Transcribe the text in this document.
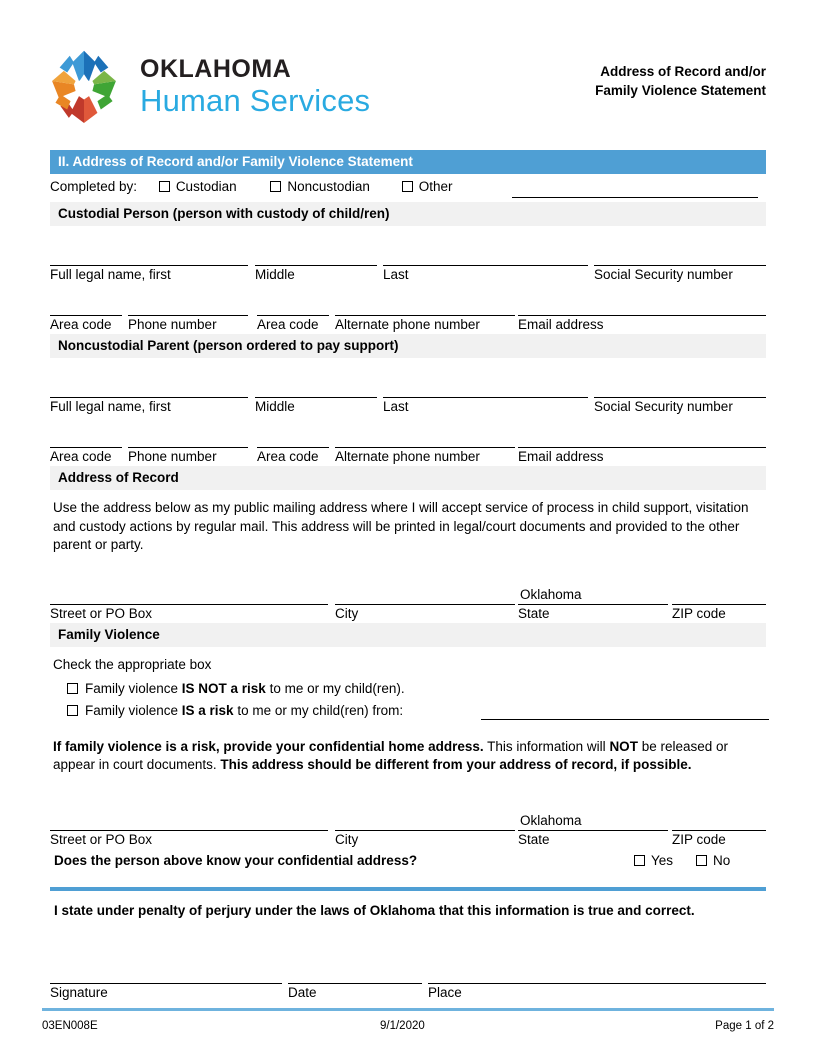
OKLAHOMA
Human Services
Address of Record and/or
Family Violence Statement
II. Address of Record and/or Family Violence Statement
Completed by:	Custodian	Noncustodian	Other
Custodial Person (person with custody of child/ren)
Full legal name, first	Middle	Last	Social Security number
Area code	Phone number	Area code	Alternate phone number	Email address
Noncustodial Parent (person ordered to pay support)
Full legal name, first	Middle	Last	Social Security number
Area code	Phone number	Area code	Alternate phone number	Email address
Address of Record
Use the address below as my public mailing address where I will accept service of process in child support, visitation and custody actions by regular mail. This address will be printed in legal/court documents and provided to the other parent or party.
Street or PO Box	City
Oklahoma
State	ZIP code
Family Violence
Check the appropriate box
Family violence IS NOT a risk to me or my child(ren).
Family violence IS a risk to me or my child(ren) from:
If family violence is a risk, provide your confidential home address. This information will NOT be released or appear in court documents. This address should be different from your address of record, if possible.
Street or PO Box	City
Oklahoma
State	ZIP code
Does the person above know your confidential address?	Yes	No
I state under penalty of perjury under the laws of Oklahoma that this information is true and correct.
Signature	Date	Place
03EN008E	9/1/2020	Page 1 of 2
